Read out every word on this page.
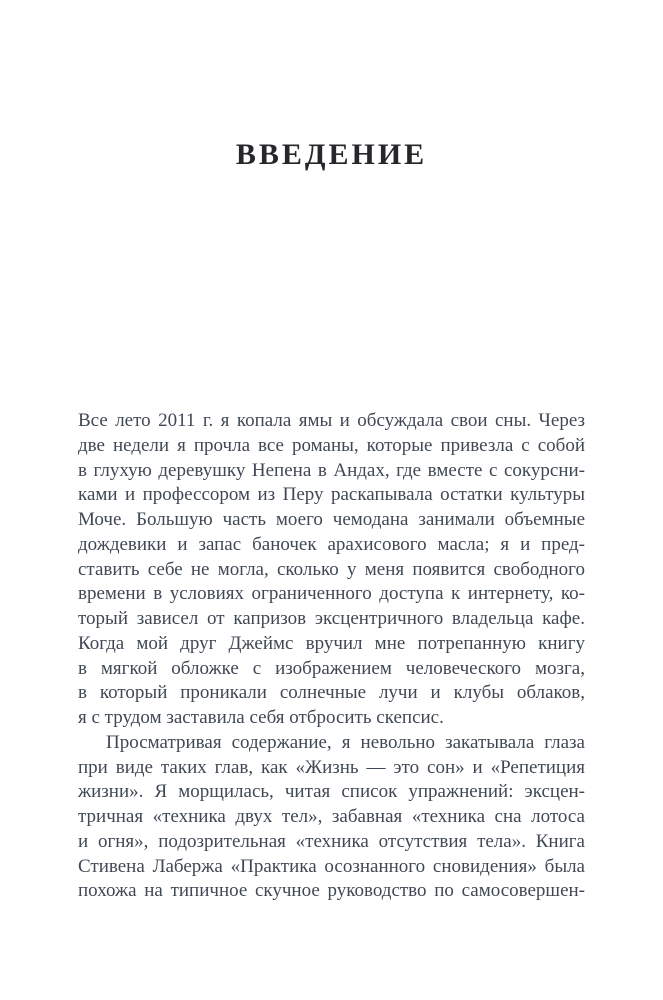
ВВЕДЕНИЕ
Все лето 2011 г. я копала ямы и обсуждала свои сны. Через
две недели я прочла все романы, которые привезла с собой
в глухую деревушку Непена в Андах, где вместе с сокурсни-
ками и профессором из Перу раскапывала остатки культуры
Моче. Большую часть моего чемодана занимали объемные
дождевики и запас баночек арахисового масла; я и пред-
ставить себе не могла, сколько у меня появится свободного
времени в условиях ограниченного доступа к интернету, ко-
торый зависел от капризов эксцентричного владельца кафе.
Когда мой друг Джеймс вручил мне потрепанную книгу
в мягкой обложке с изображением человеческого мозга,
в который проникали солнечные лучи и клубы облаков,
я с трудом заставила себя отбросить скепсис.
Просматривая содержание, я невольно закатывала глаза
при виде таких глав, как «Жизнь — это сон» и «Репетиция
жизни». Я морщилась, читая список упражнений: эксцен-
тричная «техника двух тел», забавная «техника сна лотоса
и огня», подозрительная «техника отсутствия тела». Книга
Стивена Лабержа «Практика осознанного сновидения» была
похожа на типичное скучное руководство по самосовершен-
